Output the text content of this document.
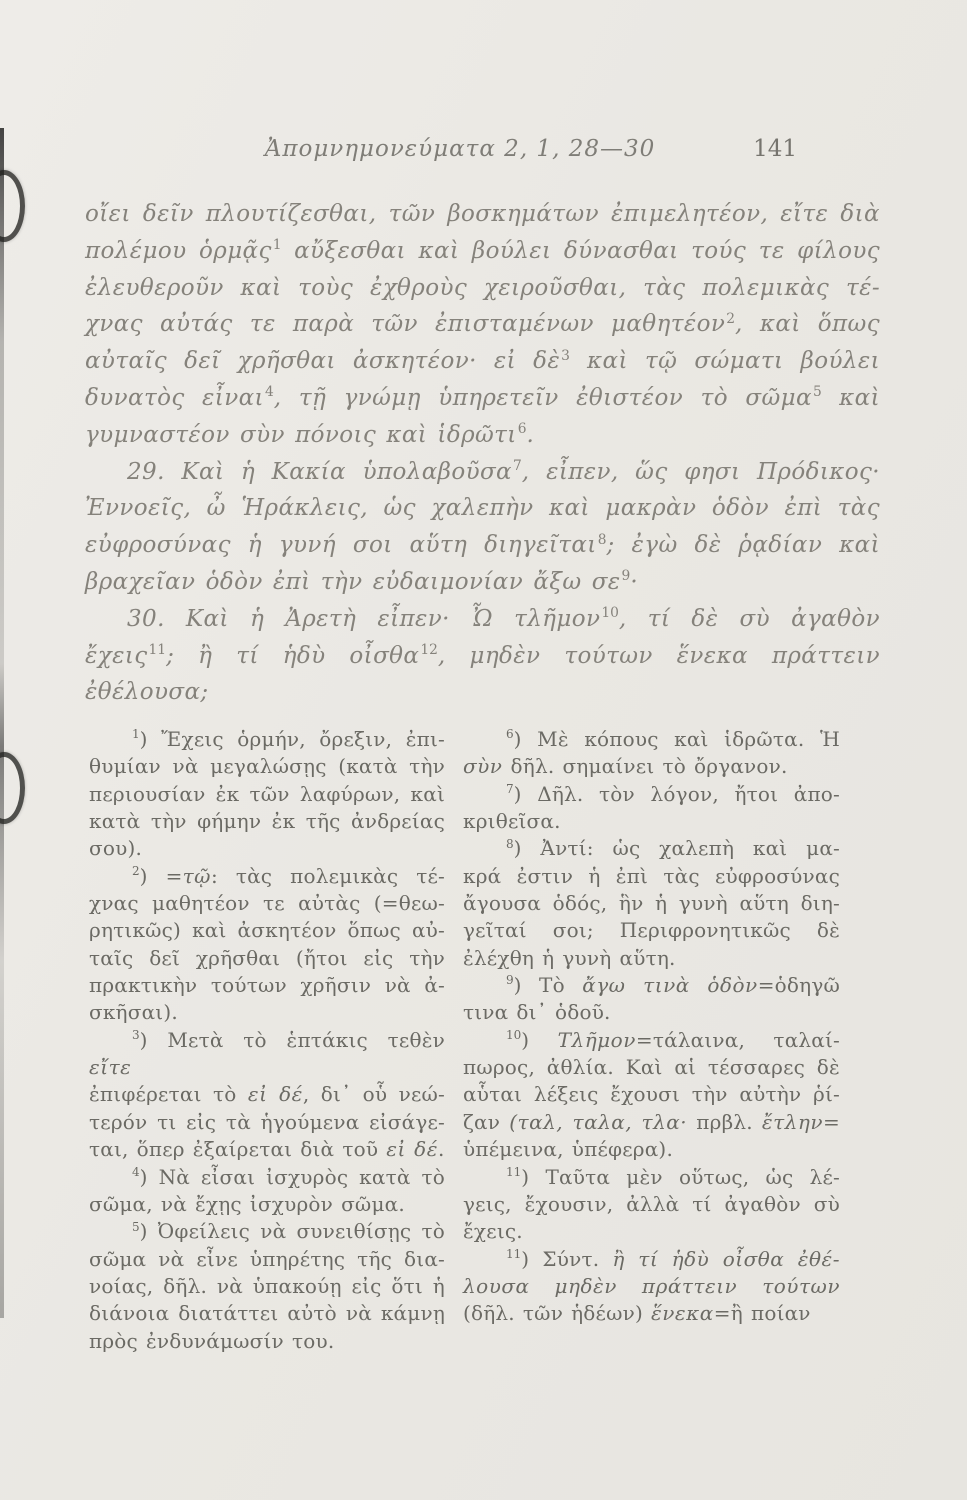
Ἀπομνημονεύματα 2, 1, 28—30	141
οἴει δεῖν πλουτίζεσθαι, τῶν βοσκημάτων ἐπιμελητέον, εἴτε διὰ
πολέμου ὁρμᾷς$^1$ αὔξεσθαι καὶ βούλει δύνασθαι τούς τε φίλους
ἐλευθεροῦν καὶ τοὺς ἐχθροὺς χειροῦσθαι, τὰς πολεμικὰς τέ-
χνας αὐτάς τε παρὰ τῶν ἐπισταμένων μαθητέον$^2$, καὶ ὅπως
αὐταῖς δεῖ χρῆσθαι ἀσκητέον· εἰ δὲ$^3$ καὶ τῷ σώματι βούλει
δυνατὸς εἶναι$^4$, τῇ γνώμῃ ὑπηρετεῖν ἐθιστέον τὸ σῶμα$^5$ καὶ
γυμναστέον σὺν πόνοις καὶ ἱδρῶτι$^6$.
29. Καὶ ἡ Κακία ὑπολαβοῦσα$^7$, εἶπεν, ὥς φησι Πρόδικος·
Ἐννοεῖς, ὦ Ἡράκλεις, ὡς χαλεπὴν καὶ μακρὰν ὁδὸν ἐπὶ τὰς
εὐφροσύνας ἡ γυνή σοι αὕτη διηγεῖται$^8$; ἐγὼ δὲ ῥᾳδίαν καὶ
βραχεῖαν ὁδὸν ἐπὶ τὴν εὐδαιμονίαν ἄξω $\sigma\varepsilon^9\cdot$
30. Καὶ ἡ Ἀρετὴ εἶπεν· Ὦ τλῆμον$^{10}$, τί δὲ σὺ ἀγαθὸν
ἔχεις$^{11}$; ἢ τί ἡδὺ οἶσθα$^{12}$, μηδὲν τούτων ἕνεκα πράττειν ἐθέλουσα;
$^1$) Ἔχεις ὁρμήν, ὄρεξιν, ἐπι-
θυμίαν νὰ μεγαλώσῃς (κατὰ τὴν
περιουσίαν ἐκ τῶν λαφύρων, καὶ
κατὰ τὴν φήμην ἐκ τῆς ἀνδρείας
σου).
$^2$) =τῷ: τὰς πολεμικὰς τέ-
χνας μαθητέον τε αὐτὰς (=θεω-
ρητικῶς) καὶ ἀσκητέον ὅπως αὐ-
ταῖς δεῖ χρῆσθαι (ἤτοι εἰς τὴν
πρακτικὴν τούτων χρῆσιν νὰ ἀ-
σκῆσαι).
$^3$) Μετὰ τὸ ἑπτάκις τεθὲν εἴτε
ἐπιφέρεται τὸ εἰ δέ, δι᾽ οὗ νεώ-
τερόν τι εἰς τὰ ἡγούμενα εἰσάγε-
ται, ὅπερ ἐξαίρεται διὰ τοῦ εἰ δέ.
$^4$) Νὰ εἶσαι ἰσχυρὸς κατὰ τὸ
σῶμα, νὰ ἔχῃς ἰσχυρὸν σῶμα.
$^5$) Ὀφείλεις νὰ συνειθίσῃς τὸ
σῶμα νὰ εἶνε ὑπηρέτης τῆς δια-
νοίας, δῆλ. νὰ ὑπακούῃ εἰς ὅτι ἡ
διάνοια διατάττει αὐτὸ νὰ κάμνῃ
πρὸς ἐνδυνάμωσίν του.
$^6$) Μὲ κόπους καὶ ἱδρῶτα. Ἡ
σὺν δῆλ. σημαίνει τὸ ὄργανον.
$^7$) Δῆλ. τὸν λόγον, ἤτοι ἀπο-
κριθεῖσα.
$^8$) Ἀντί: ὡς χαλεπὴ καὶ μα-
κρά ἐστιν ἡ ἐπὶ τὰς εὐφροσύνας
ἄγουσα ὁδός, ἣν ἡ γυνὴ αὕτη διη-
γεῖταί σοι; Περιφρονητικῶς δὲ
ἐλέχθη ἡ γυνὴ αὕτη.
$^9$) Τὸ ἄγω τινὰ ὁδὸν=ὁδηγῶ
τινα δι᾽ ὁδοῦ.
$^{10}$) Τλῆμον=τάλαινα, ταλαί-
πωρος, ἀθλία. Καὶ αἱ τέσσαρες δὲ
αὗται λέξεις ἔχουσι τὴν αὐτὴν ῥί-
ζαν (ταλ, ταλα, τλα· πρβλ. ἔτλην=
ὑπέμεινα, ὑπέφερα).
$^{11}$) Ταῦτα μὲν οὕτως, ὡς λέ-
γεις, ἔχουσιν, ἀλλὰ τί ἀγαθὸν σὺ
ἔχεις.
$^{11}$) Σύντ. ἢ τί ἡδὺ οἶσθα ἐθέ-
λουσα μηδὲν πράττειν τούτων
(δῆλ. τῶν ἡδέων) ἕνεκα=ἢ ποίαν
